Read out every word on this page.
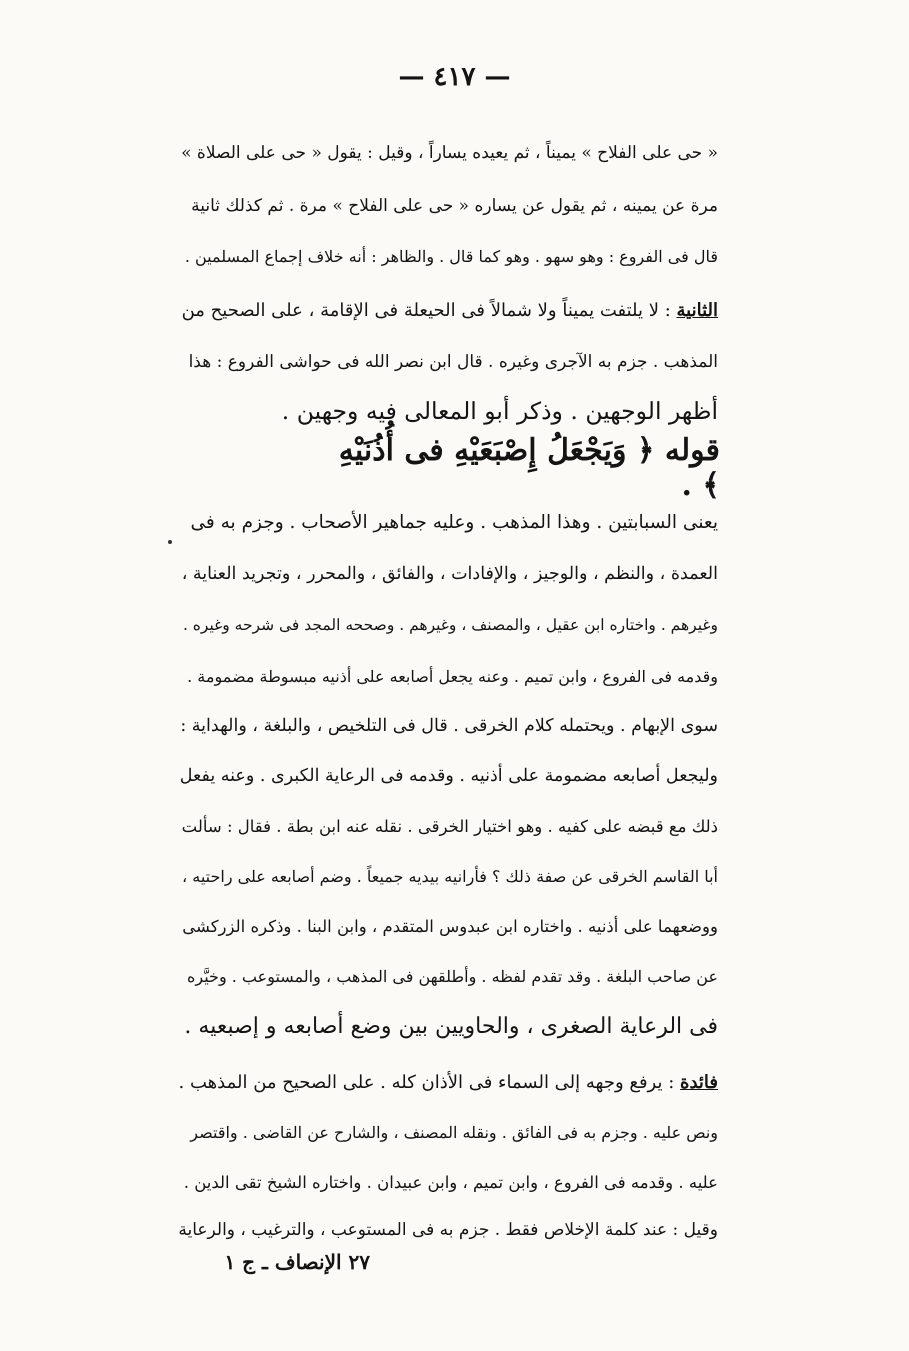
— ٤١٧ —
« حى على الفلاح » يميناً ، ثم يعيده يساراً ، وقيل : يقول « حى على الصلاة »
مرة عن يمينه ، ثم يقول عن يساره « حى على الفلاح » مرة . ثم كذلك ثانية
قال فى الفروع : وهو سهو . وهو كما قال . والظاهر : أنه خلاف إجماع المسلمين .
الثانية : لا يلتفت يميناً ولا شمالاً فى الحيعلة فى الإقامة ، على الصحيح من
المذهب . جزم به الآجرى وغيره . قال ابن نصر الله فى حواشى الفروع : هذا
أظهر الوجهين . وذكر أبو المعالى فيه وجهين .
قوله ﴿ وَيَجْعَلُ إِصْبَعَيْهِ فى أُذُنَيْهِ ﴾ .
يعنى السبابتين . وهذا المذهب . وعليه جماهير الأصحاب . وجزم به فى
العمدة ، والنظم ، والوجيز ، والإفادات ، والفائق ، والمحرر ، وتجريد العناية ،
وغيرهم . واختاره ابن عقيل ، والمصنف ، وغيرهم . وصححه المجد فى شرحه وغيره .
وقدمه فى الفروع ، وابن تميم . وعنه يجعل أصابعه على أذنيه مبسوطة مضمومة .
سوى الإبهام . ويحتمله كلام الخرقى . قال فى التلخيص ، والبلغة ، والهداية :
وليجعل أصابعه مضمومة على أذنيه . وقدمه فى الرعاية الكبرى . وعنه يفعل
ذلك مع قبضه على كفيه . وهو اختيار الخرقى . نقله عنه ابن بطة . فقال : سألت
أبا القاسم الخرقى عن صفة ذلك ؟ فأرانيه بيديه جميعاً . وضم أصابعه على راحتيه ،
ووضعهما على أذنيه . واختاره ابن عبدوس المتقدم ، وابن البنا . وذكره الزركشى
عن صاحب البلغة . وقد تقدم لفظه . وأطلقهن فى المذهب ، والمستوعب . وخيَّره
فى الرعاية الصغرى ، والحاويين بين وضع أصابعه و إصبعيه .
فائدة : يرفع وجهه إلى السماء فى الأذان كله . على الصحيح من المذهب .
ونص عليه . وجزم به فى الفائق . ونقله المصنف ، والشارح عن القاضى . واقتصر
عليه . وقدمه فى الفروع ، وابن تميم ، وابن عبيدان . واختاره الشيخ تقى الدين .
وقيل : عند كلمة الإخلاص فقط . جزم به فى المستوعب ، والترغيب ، والرعاية
٢٧ الإنصاف ـ ج ١
